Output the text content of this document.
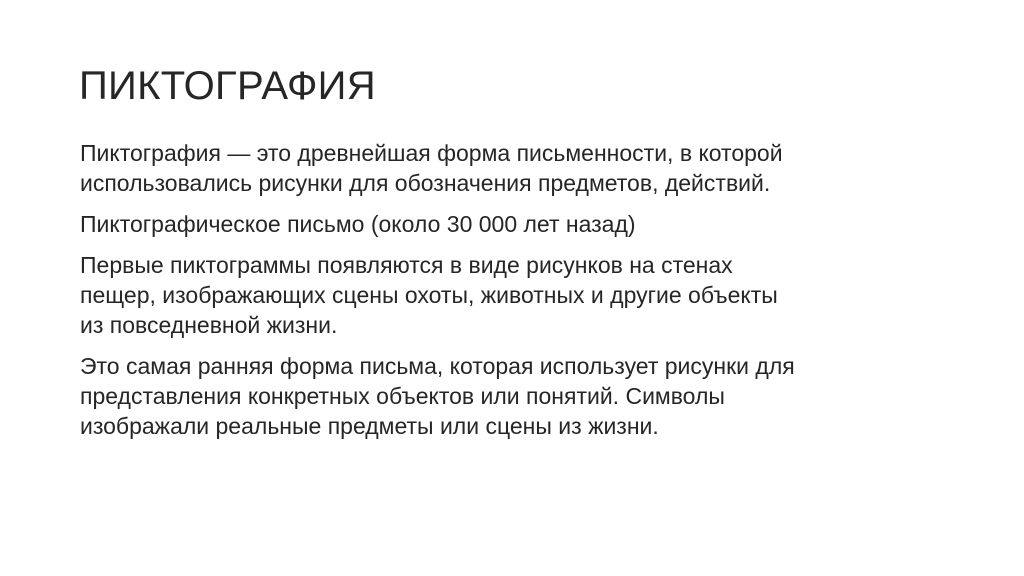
ПИКТОГРАФИЯ

Пиктография — это древнейшая форма письменности, в которой
использовались рисунки для обозначения предметов, действий.

Пиктографическое письмо (около 30 000 лет назад)

Первые пиктограммы появляются в виде рисунков на стенах
пещер, изображающих сцены охоты, животных и другие объекты
из повседневной жизни.

Это самая ранняя форма письма, которая использует рисунки для
представления конкретных объектов или понятий. Символы
изображали реальные предметы или сцены из жизни.
